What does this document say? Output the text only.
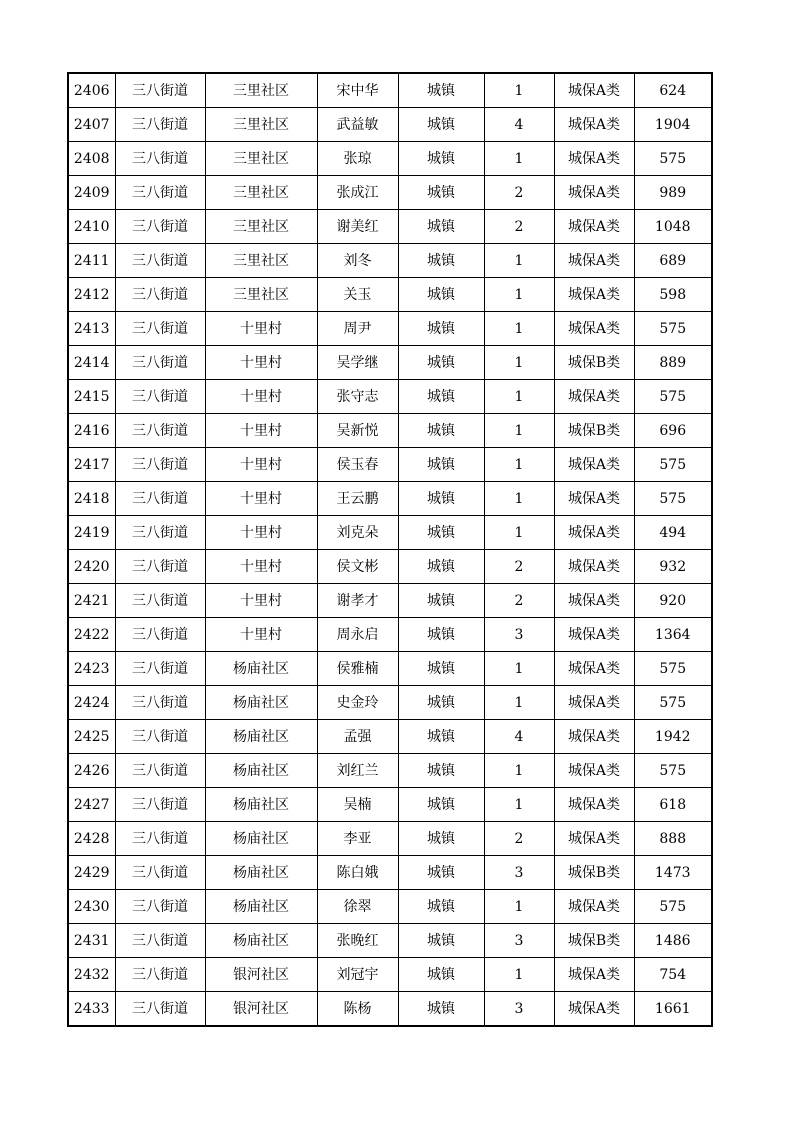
2406	三八街道	三里社区	宋中华	城镇	1	城保A类	624
2407	三八街道	三里社区	武益敏	城镇	4	城保A类	1904
2408	三八街道	三里社区	张琼	城镇	1	城保A类	575
2409	三八街道	三里社区	张成江	城镇	2	城保A类	989
2410	三八街道	三里社区	谢美红	城镇	2	城保A类	1048
2411	三八街道	三里社区	刘冬	城镇	1	城保A类	689
2412	三八街道	三里社区	关玉	城镇	1	城保A类	598
2413	三八街道	十里村	周尹	城镇	1	城保A类	575
2414	三八街道	十里村	吴学继	城镇	1	城保B类	889
2415	三八街道	十里村	张守志	城镇	1	城保A类	575
2416	三八街道	十里村	吴新悦	城镇	1	城保B类	696
2417	三八街道	十里村	侯玉春	城镇	1	城保A类	575
2418	三八街道	十里村	王云鹏	城镇	1	城保A类	575
2419	三八街道	十里村	刘克朵	城镇	1	城保A类	494
2420	三八街道	十里村	侯文彬	城镇	2	城保A类	932
2421	三八街道	十里村	谢孝才	城镇	2	城保A类	920
2422	三八街道	十里村	周永启	城镇	3	城保A类	1364
2423	三八街道	杨庙社区	侯雅楠	城镇	1	城保A类	575
2424	三八街道	杨庙社区	史金玲	城镇	1	城保A类	575
2425	三八街道	杨庙社区	孟强	城镇	4	城保A类	1942
2426	三八街道	杨庙社区	刘红兰	城镇	1	城保A类	575
2427	三八街道	杨庙社区	吴楠	城镇	1	城保A类	618
2428	三八街道	杨庙社区	李亚	城镇	2	城保A类	888
2429	三八街道	杨庙社区	陈白娥	城镇	3	城保B类	1473
2430	三八街道	杨庙社区	徐翠	城镇	1	城保A类	575
2431	三八街道	杨庙社区	张晚红	城镇	3	城保B类	1486
2432	三八街道	银河社区	刘冠宇	城镇	1	城保A类	754
2433	三八街道	银河社区	陈杨	城镇	3	城保A类	1661
